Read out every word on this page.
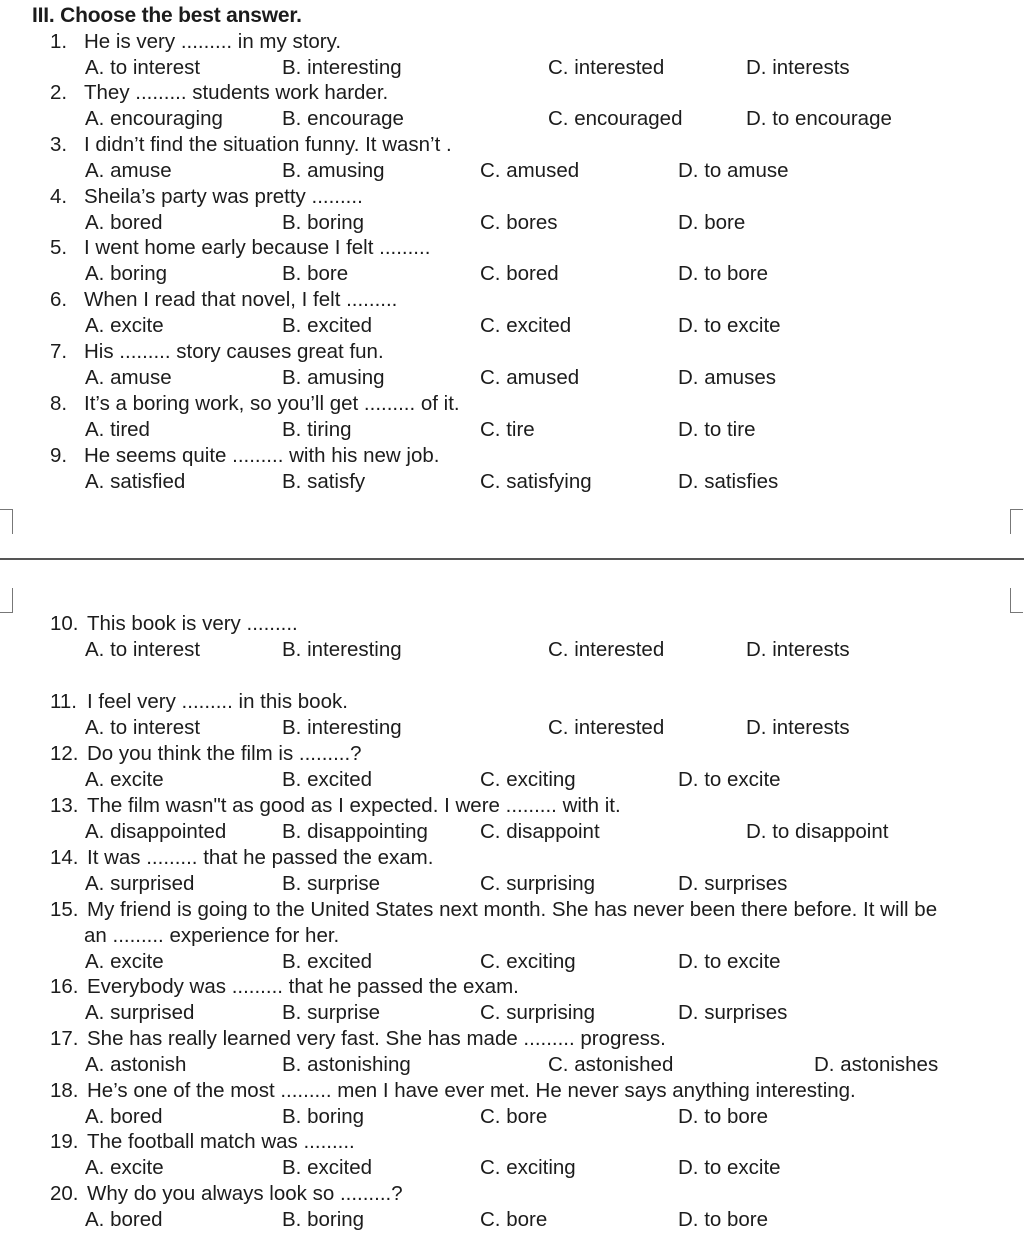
III. Choose the best answer.
1. He is very ......... in my story.
A. to interest	B. interesting	C. interested	D. interests
2. They ......... students work harder.
A. encouraging	B. encourage	C. encouraged	D. to encourage
3. I didn’t find the situation funny. It wasn’t .
A. amuse	B. amusing	C. amused	D. to amuse
4. Sheila’s party was pretty .........
A. bored	B. boring	C. bores	D. bore
5. I went home early because I felt .........
A. boring	B. bore	C. bored	D. to bore
6. When I read that novel, I felt .........
A. excite	B. excited	C. excited	D. to excite
7. His ......... story causes great fun.
A. amuse	B. amusing	C. amused	D. amuses
8. It’s a boring work, so you’ll get ......... of it.
A. tired	B. tiring	C. tire	D. to tire
9. He seems quite ......... with his new job.
A. satisfied	B. satisfy	C. satisfying	D. satisfies
10. This book is very .........
A. to interest	B. interesting	C. interested	D. interests
11. I feel very ......... in this book.
A. to interest	B. interesting	C. interested	D. interests
12. Do you think the film is .........?
A. excite	B. excited	C. exciting	D. to excite
13. The film wasn"t as good as I expected. I were ......... with it.
A. disappointed	B. disappointing	C. disappoint	D. to disappoint
14. It was ......... that he passed the exam.
A. surprised	B. surprise	C. surprising	D. surprises
15. My friend is going to the United States next month. She has never been there before. It will be
an ......... experience for her.
A. excite	B. excited	C. exciting	D. to excite
16. Everybody was ......... that he passed the exam.
A. surprised	B. surprise	C. surprising	D. surprises
17. She has really learned very fast. She has made ......... progress.
A. astonish	B. astonishing	C. astonished	D. astonishes
18. He’s one of the most ......... men I have ever met. He never says anything interesting.
A. bored	B. boring	C. bore	D. to bore
19. The football match was .........
A. excite	B. excited	C. exciting	D. to excite
20. Why do you always look so .........?
A. bored	B. boring	C. bore	D. to bore
